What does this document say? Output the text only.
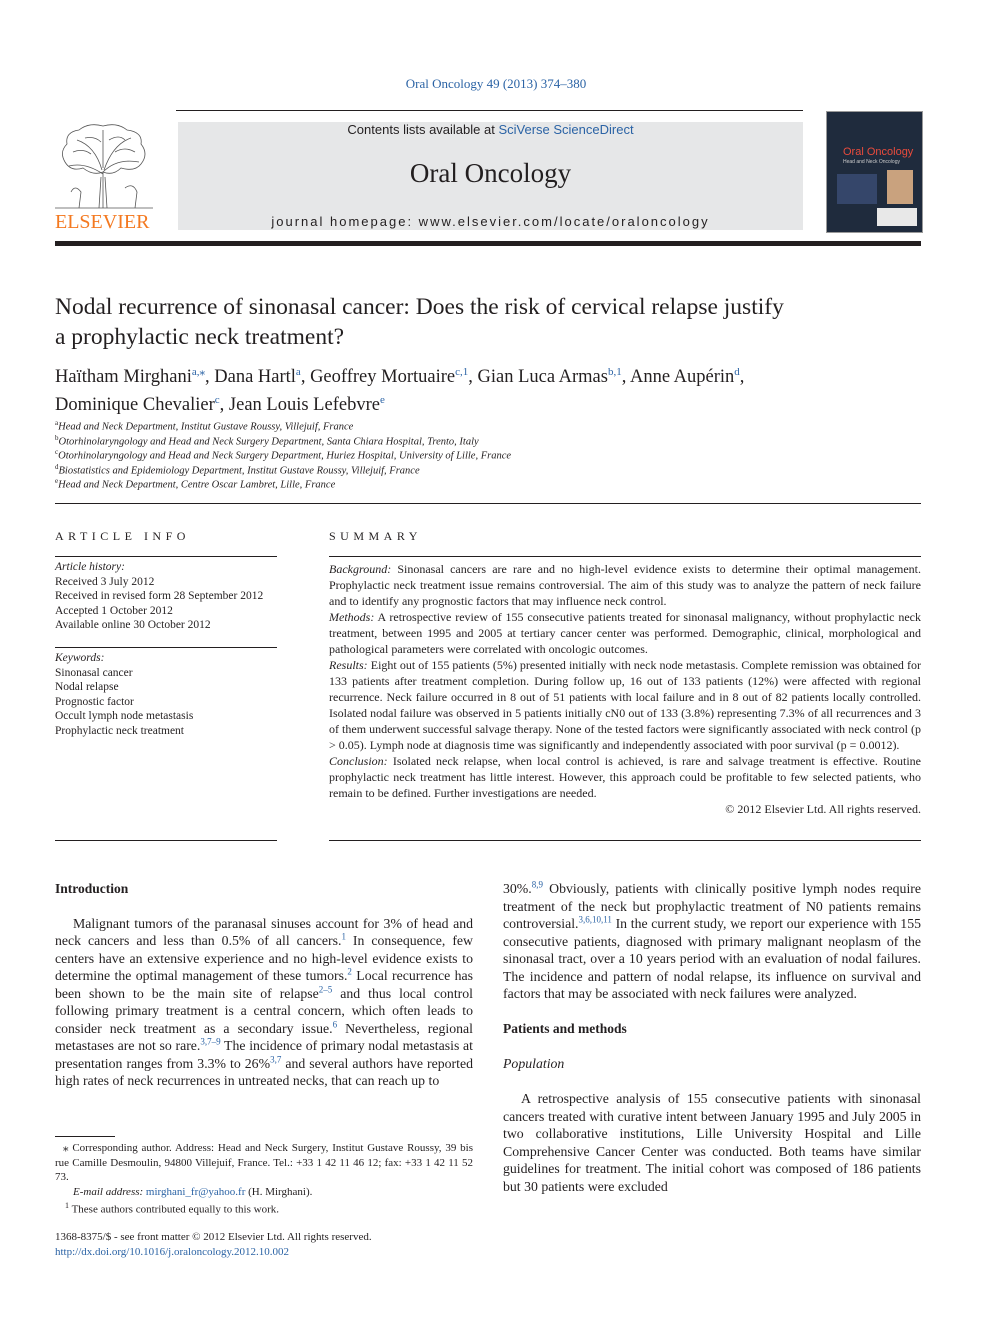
Oral Oncology 49 (2013) 374–380
ELSEVIER
Contents lists available at SciVerse ScienceDirect
Oral Oncology
journal homepage: www.elsevier.com/locate/oraloncology
Oral Oncology
Head and Neck Oncology
Nodal recurrence of sinonasal cancer: Does the risk of cervical relapse justify
a prophylactic neck treatment?
Haïtham Mirghani$^{a,⁎}$, Dana Hartl$^a$, Geoffrey Mortuaire$^{c,1}$, Gian Luca Armas$^{b,1}$, Anne Aupérin$^d$,
Dominique Chevalier$^c$, Jean Louis Lefebvre$^e$
$^a$Head and Neck Department, Institut Gustave Roussy, Villejuif, France
$^b$Otorhinolaryngology and Head and Neck Surgery Department, Santa Chiara Hospital, Trento, Italy
$^c$Otorhinolaryngology and Head and Neck Surgery Department, Huriez Hospital, University of Lille, France
$^d$Biostatistics and Epidemiology Department, Institut Gustave Roussy, Villejuif, France
$^e$Head and Neck Department, Centre Oscar Lambret, Lille, France
ARTICLE INFO
Article history:
Received 3 July 2012
Received in revised form 28 September 2012
Accepted 1 October 2012
Available online 30 October 2012
Keywords:
Sinonasal cancer
Nodal relapse
Prognostic factor
Occult lymph node metastasis
Prophylactic neck treatment
SUMMARY

Background: Sinonasal cancers are rare and no high-level evidence exists to determine their optimal management. Prophylactic neck treatment issue remains controversial. The aim of this study was to analyze the pattern of neck failure and to identify any prognostic factors that may influence neck control.

Methods: A retrospective review of 155 consecutive patients treated for sinonasal malignancy, without prophylactic neck treatment, between 1995 and 2005 at tertiary cancer center was performed. Demographic, clinical, morphological and pathological parameters were correlated with oncologic outcomes.

Results: Eight out of 155 patients (5%) presented initially with neck node metastasis. Complete remission was obtained for 133 patients after treatment completion. During follow up, 16 out of 133 patients (12%) were affected with regional recurrence. Neck failure occurred in 8 out of 51 patients with local failure and in 8 out of 82 patients locally controlled. Isolated nodal failure was observed in 5 patients initially cN0 out of 133 (3.8%) representing 7.3% of all recurrences and 3 of them underwent successful salvage therapy. None of the tested factors were significantly associated with neck control (p > 0.05). Lymph node at diagnosis time was significantly and independently associated with poor survival (p = 0.0012).

Conclusion: Isolated neck relapse, when local control is achieved, is rare and salvage treatment is effective. Routine prophylactic neck treatment has little interest. However, this approach could be profitable to few selected patients, who remain to be defined. Further investigations are needed.

© 2012 Elsevier Ltd. All rights reserved.

Introduction

Malignant tumors of the paranasal sinuses account for 3% of head and neck cancers and less than 0.5% of all cancers.$^1$ In consequence, few centers have an extensive experience and no high-level evidence exists to determine the optimal management of these tumors.$^2$ Local recurrence has been shown to be the main site of relapse$^{2-5}$ and thus local control following primary treatment is a central concern, which often leads to consider neck treatment as a secondary issue.$^6$ Nevertheless, regional metastases are not so rare.$^{3,7-9}$ The incidence of primary nodal metastasis at presentation ranges from 3.3% to 26%$^{3,7}$ and several authors have reported high rates of neck recurrences in untreated necks, that can reach up to

⁎ Corresponding author. Address: Head and Neck Surgery, Institut Gustave Roussy, 39 bis rue Camille Desmoulin, 94800 Villejuif, France. Tel.: +33 1 42 11 46 12; fax: +33 1 42 11 52 73.
E-mail address: mirghani_fr@yahoo.fr (H. Mirghani).
$^1$ These authors contributed equally to this work.
1368-8375/$ - see front matter © 2012 Elsevier Ltd. All rights reserved.
http://dx.doi.org/10.1016/j.oraloncology.2012.10.002

30%.$^{8,9}$ Obviously, patients with clinically positive lymph nodes require treatment of the neck but prophylactic treatment of N0 patients remains controversial.$^{3,6,10,11}$ In the current study, we report our experience with 155 consecutive patients, diagnosed with primary malignant neoplasm of the sinonasal tract, over a 10 years period with an evaluation of nodal failures. The incidence and pattern of nodal relapse, its influence on survival and factors that may be associated with neck failures were analyzed.

Patients and methods

Population

A retrospective analysis of 155 consecutive patients with sinonasal cancers treated with curative intent between January 1995 and July 2005 in two collaborative institutions, Lille University Hospital and Lille Comprehensive Cancer Center was conducted. Both teams have similar guidelines for treatment. The initial cohort was composed of 186 patients but 30 patients were excluded
